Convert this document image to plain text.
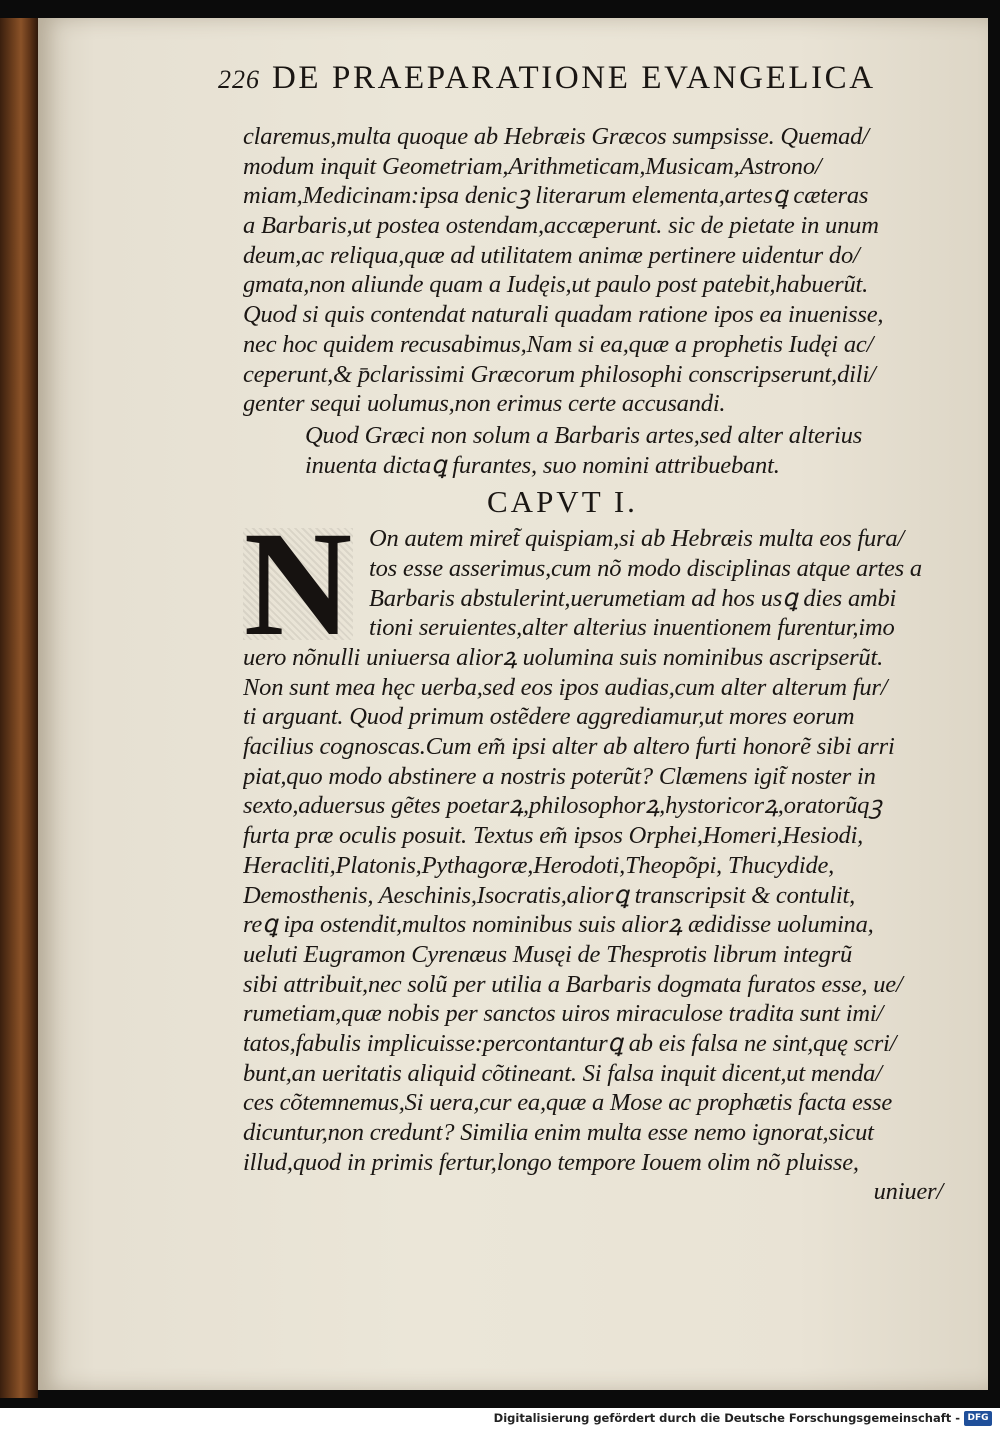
226 DE PRAEPARATIONE EVANGELICA
claremus,multa quoque ab Hebræis Græcos sumpsisse. Quemad/
modum inquit Geometriam,Arithmeticam,Musicam,Astrono/
miam,Medicinam:ipsa denicꝫ literarum elementa,artesꝗ cæteras
a Barbaris,ut postea ostendam,accæperunt. sic de pietate in unum
deum,ac reliqua,quæ ad utilitatem animæ pertinere uidentur do/
gmata,non aliunde quam a Iudęis,ut paulo post patebit,habuerũt.
Quod si quis contendat naturali quadam ratione ipos ea inuenisse,
nec hoc quidem recusabimus,Nam si ea,quæ a prophetis Iudęi ac/
ceperunt,& p̄clarissimi Græcorum philosophi conscripserunt,dili/
genter sequi uolumus,non erimus certe accusandi.
Quod Græci non solum a Barbaris artes,sed alter alterius
inuenta dictaꝗ furantes, suo nomini attribuebant.
CAPVT I.
N On autem miret̃ quispiam,si ab Hebræis multa eos fura/
tos esse asserimus,cum nõ modo disciplinas atque artes a
Barbaris abstulerint,uerumetiam ad hos usꝗ dies ambi
tioni seruientes,alter alterius inuentionem furentur,imo
uero nõnulli uniuersa aliorꝝ uolumina suis nominibus ascripserũt.
Non sunt mea hęc uerba,sed eos ipos audias,cum alter alterum fur/
ti arguant. Quod primum ostẽdere aggrediamur,ut mores eorum
facilius cognoscas.Cum em̃ ipsi alter ab altero furti honorẽ sibi arri
piat,quo modo abstinere a nostris poterũt? Clæmens igit̃ noster in
sexto,aduersus gẽtes poetarꝝ,philosophorꝝ,hystoricorꝝ,oratorũqꝫ
furta præ oculis posuit. Textus em̃ ipsos Orphei,Homeri,Hesiodi,
Heracliti,Platonis,Pythagoræ,Herodoti,Theopõpi, Thucydide,
Demosthenis, Aeschinis,Isocratis,aliorꝗ transcripsit & contulit,
reꝗ ipa ostendit,multos nominibus suis aliorꝝ ædidisse uolumina,
ueluti Eugramon Cyrenæus Musęi de Thesprotis librum integrũ
sibi attribuit,nec solũ per utilia a Barbaris dogmata furatos esse, ue/
rumetiam,quæ nobis per sanctos uiros miraculose tradita sunt imi/
tatos,fabulis implicuisse:percontanturꝗ ab eis falsa ne sint,quę scri/
bunt,an ueritatis aliquid cõtineant. Si falsa inquit dicent,ut menda/
ces cõtemnemus,Si uera,cur ea,quæ a Mose ac prophætis facta esse
dicuntur,non credunt? Similia enim multa esse nemo ignorat,sicut
illud,quod in primis fertur,longo tempore Iouem olim nõ pluisse,
uniuer/
Digitalisierung gefördert durch die Deutsche Forschungsgemeinschaft - DFG
